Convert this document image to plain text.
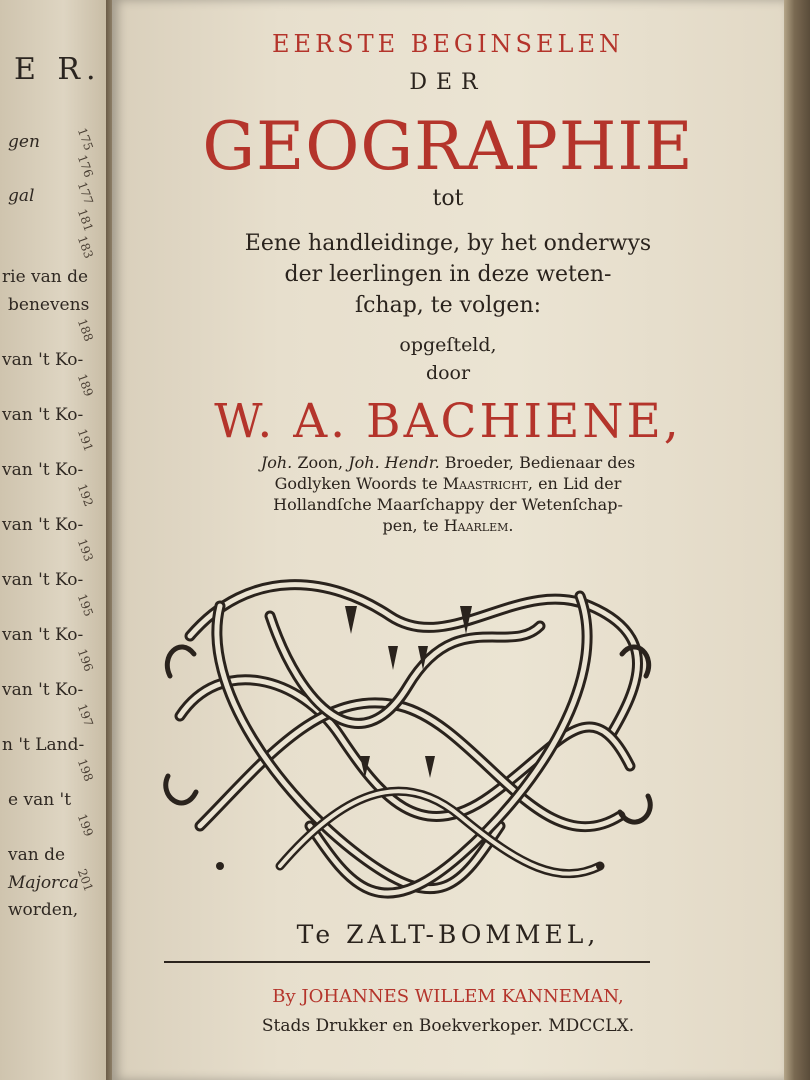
E R.
gen	175
176
gal	177
181
183
rie van de
benevens
188
van 't Ko-
189
van 't Ko-
191
van 't Ko-
192
van 't Ko-
193
van 't Ko-
195
van 't Ko-
196
van 't Ko-
197
n 't Land-
198
e van 't
199
van de
Majorca
201
worden,
EERSTE BEGINSELEN
DER
GEOGRAPHIE
tot
Eene handleidinge, by het onderwys
der leerlingen in deze weten-
ſchap, te volgen:
opgeſteld,
door
W. A. BACHIENE,
Joh. Zoon, Joh. Hendr. Broeder, Bedienaar des
Godlyken Woords te Maastricht, en Lid der
Hollandſche Maarſchappy der Wetenſchap-
pen, te Haarlem.
Te ZALT-BOMMEL,
By JOHANNES WILLEM KANNEMAN,
Stads Drukker en Boekverkoper. MDCCLX.
